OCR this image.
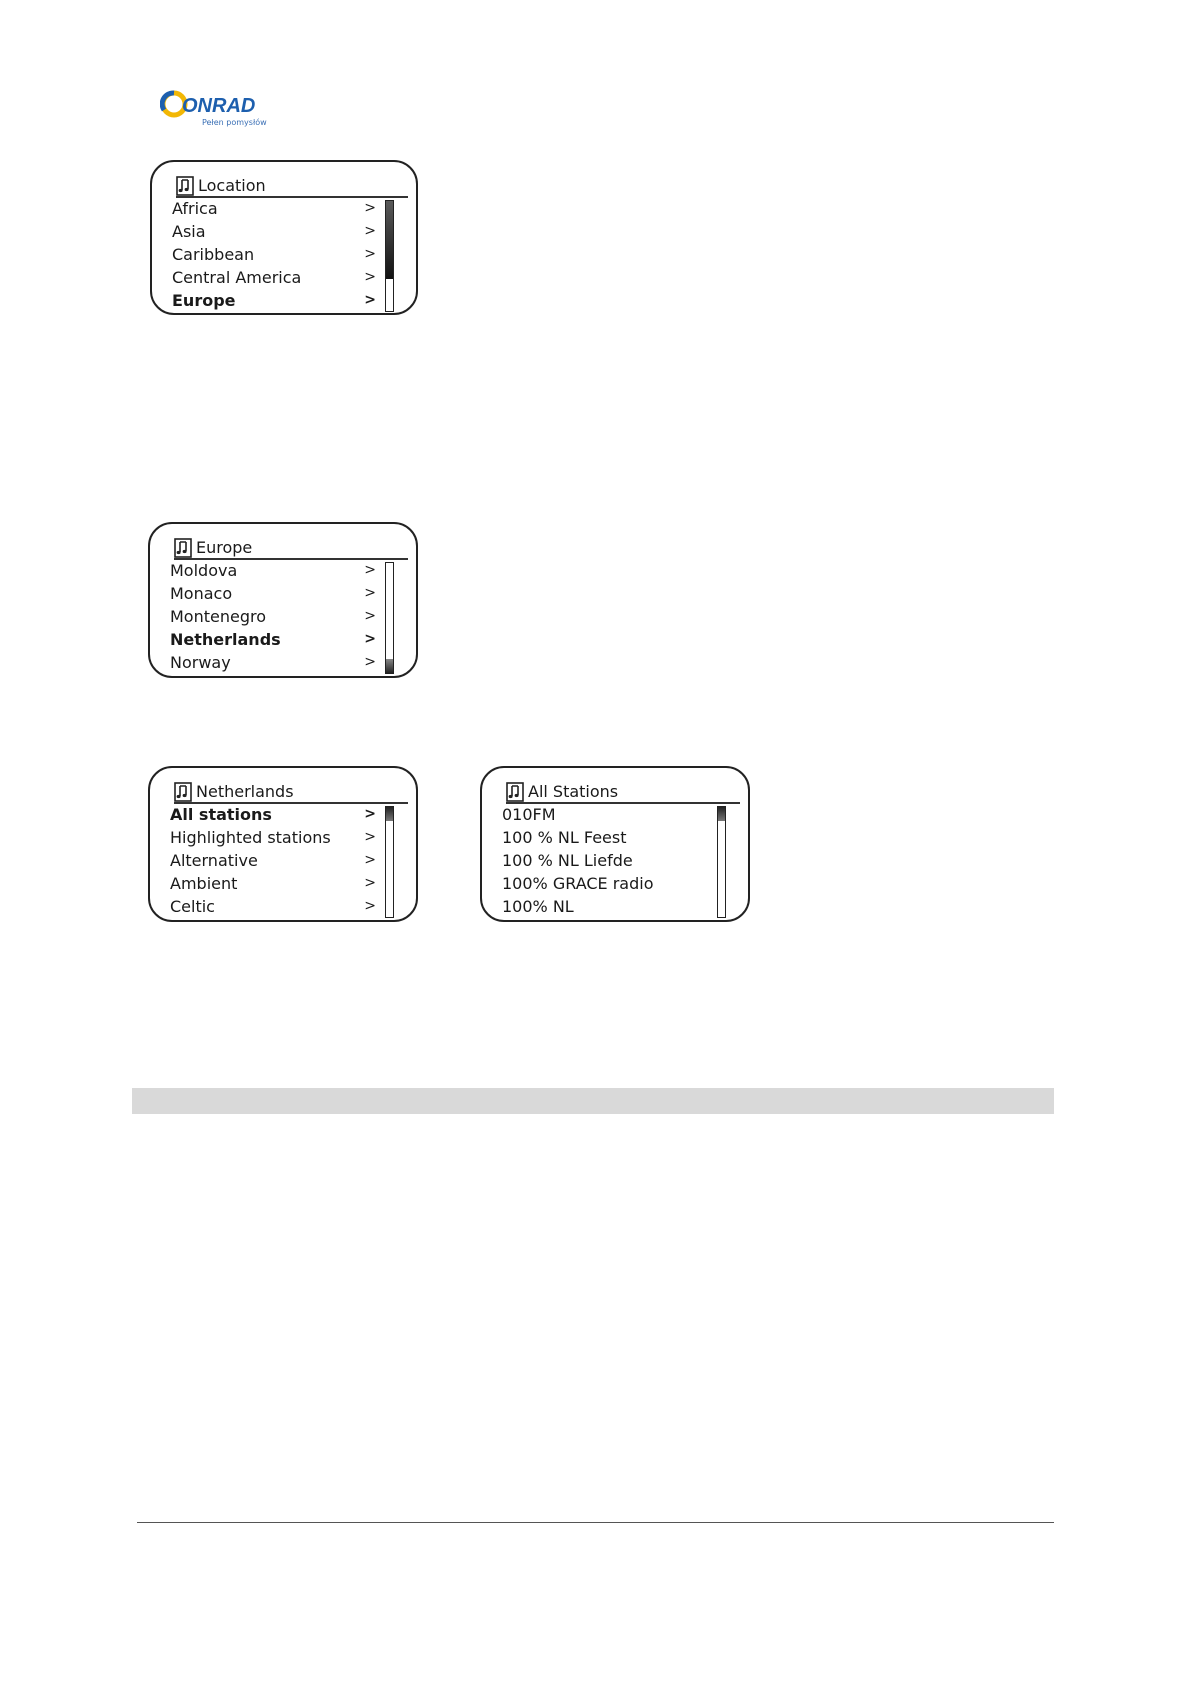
ONRAD
Pełen pomysłów
Location
Africa	>
Asia	>
Caribbean	>
Central America	>
Europe	>
Europe
Moldova	>
Monaco	>
Montenegro	>
Netherlands	>
Norway	>
Netherlands
All stations	>
Highlighted stations >
Alternative	>
Ambient	>
Celtic	>
All Stations
010FM
100 % NL Feest
100 % NL Liefde
100% GRACE radio
100% NL
